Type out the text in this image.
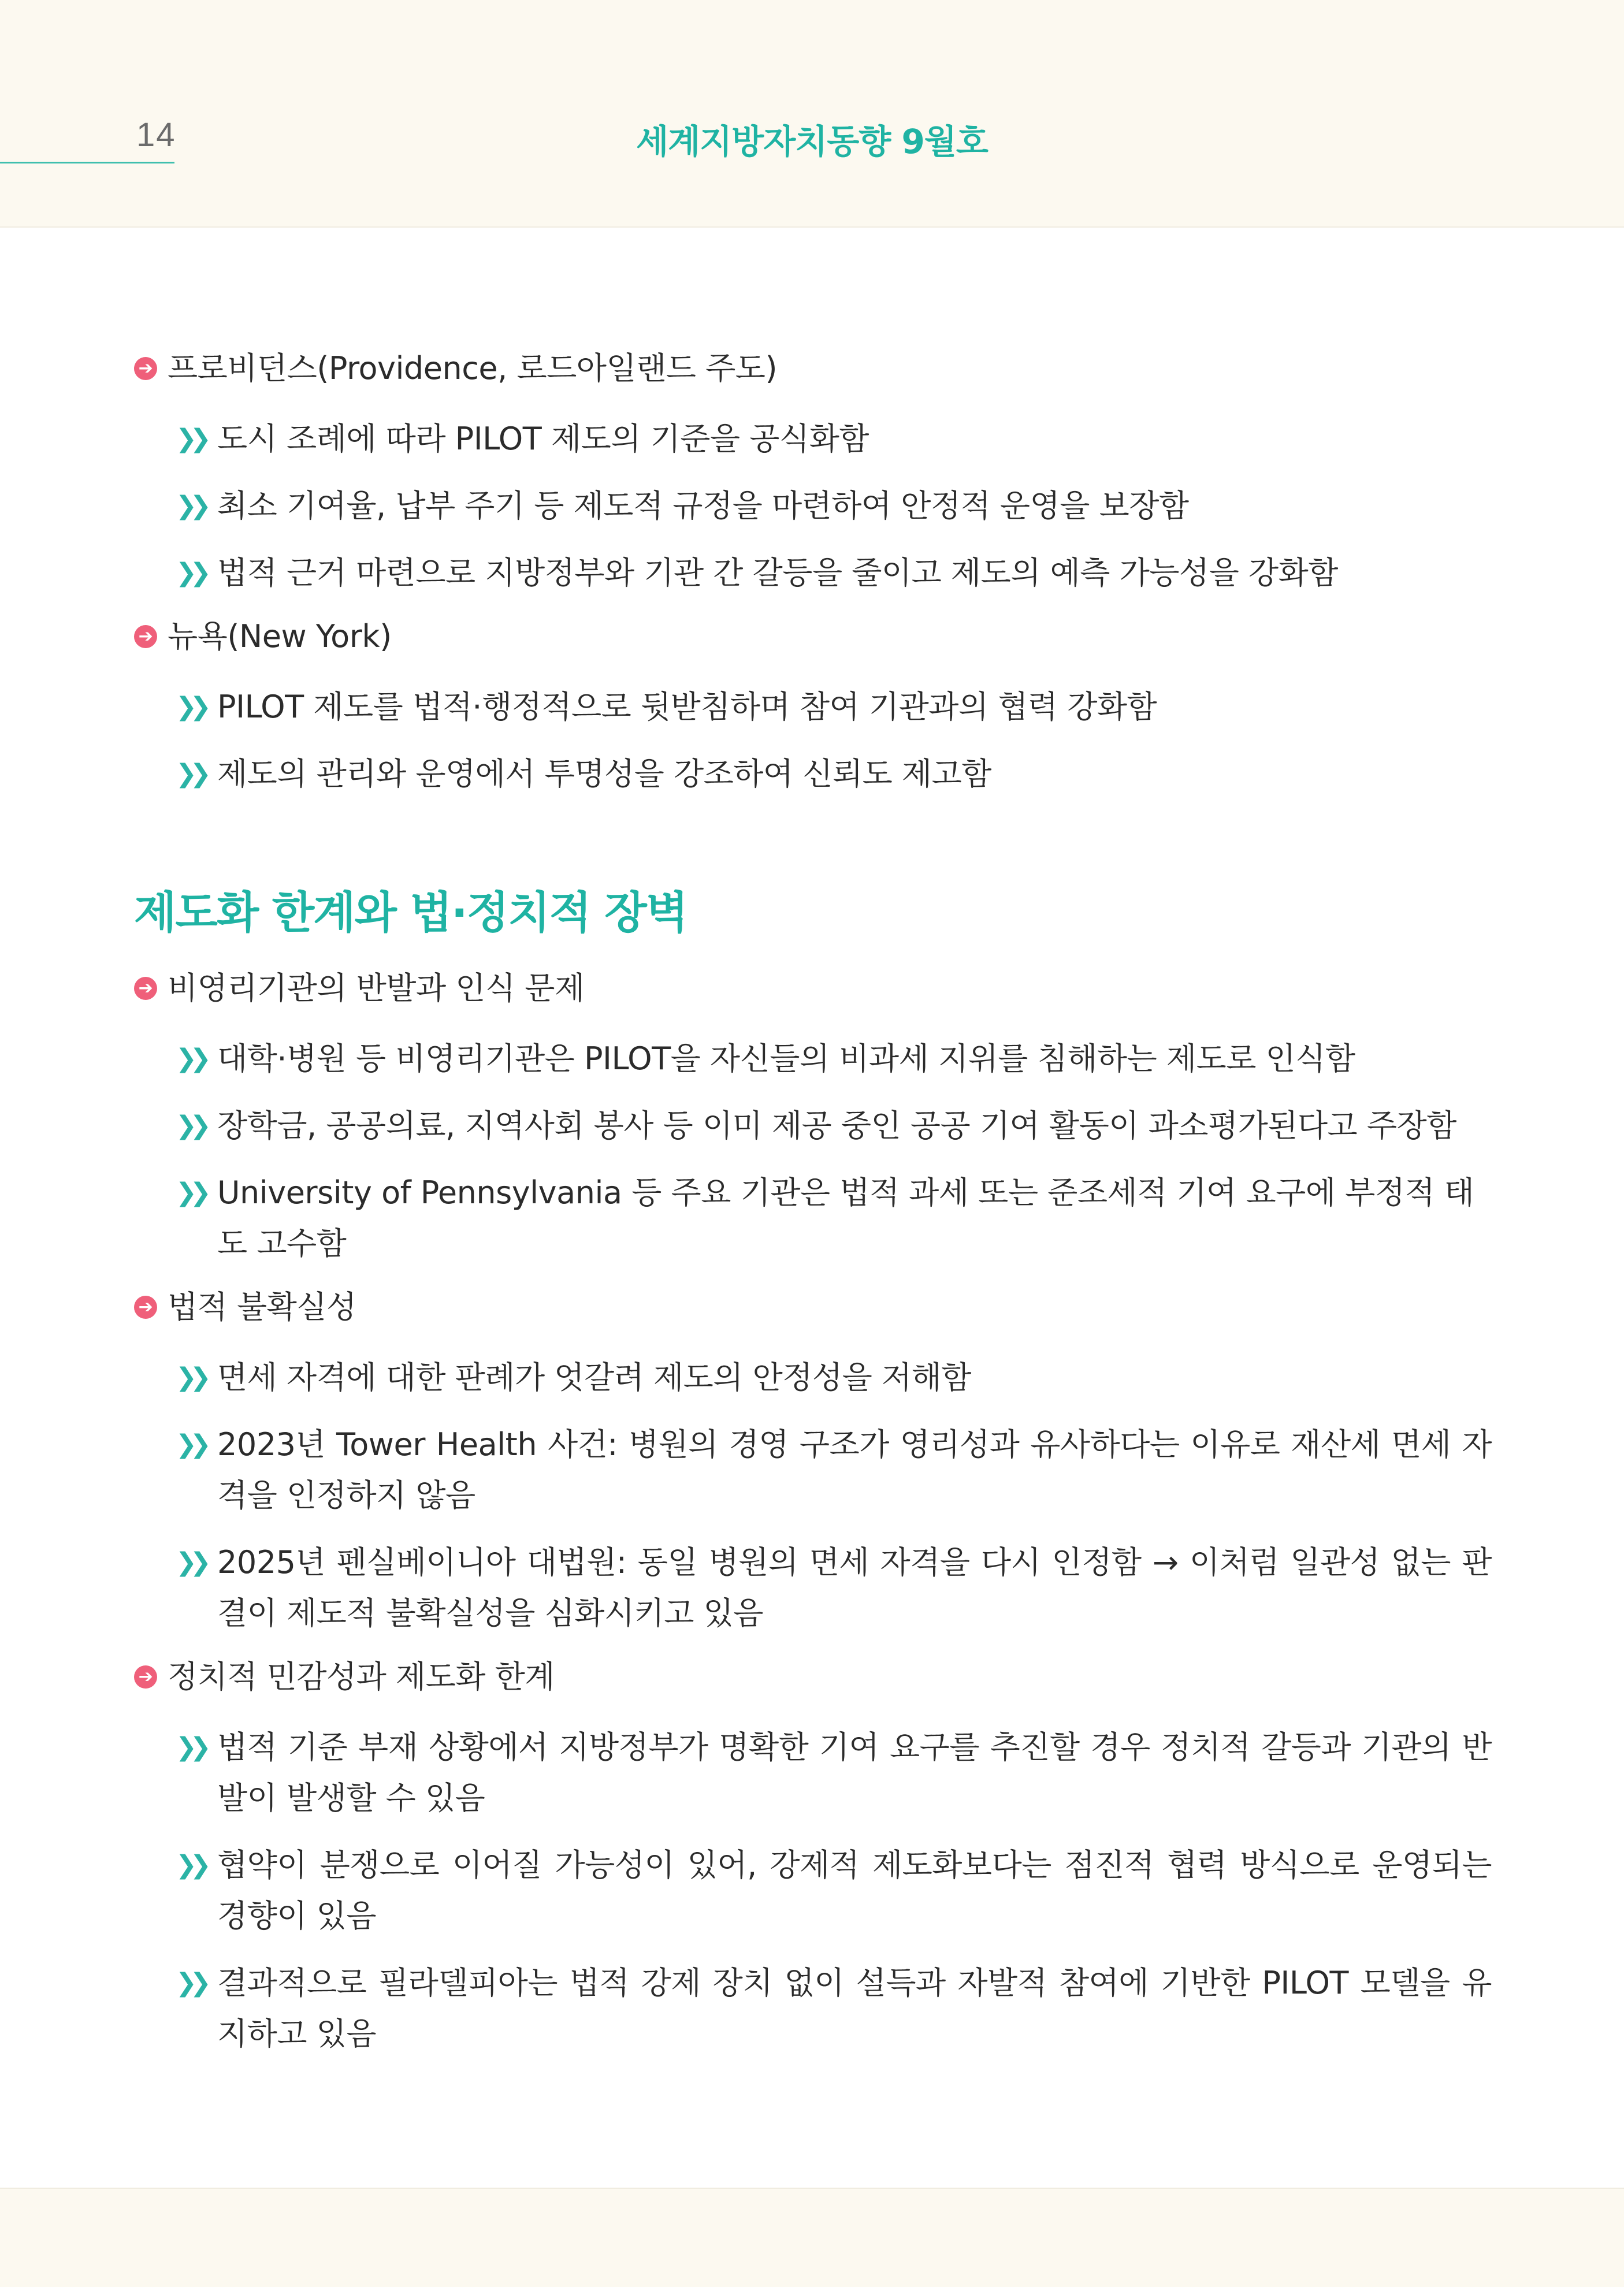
14	세계지방자치동향 9월호
➔ 프로비던스(Providence, 로드아일랜드 주도)
❯❯ 도시 조례에 따라 PILOT 제도의 기준을 공식화함
❯❯ 최소 기여율, 납부 주기 등 제도적 규정을 마련하여 안정적 운영을 보장함
❯❯ 법적 근거 마련으로 지방정부와 기관 간 갈등을 줄이고 제도의 예측 가능성을 강화함
➔ 뉴욕(New York)
❯❯ PILOT 제도를 법적·행정적으로 뒷받침하며 참여 기관과의 협력 강화함
❯❯ 제도의 관리와 운영에서 투명성을 강조하여 신뢰도 제고함
제도화 한계와 법·정치적 장벽
➔ 비영리기관의 반발과 인식 문제
❯❯ 대학·병원 등 비영리기관은 PILOT을 자신들의 비과세 지위를 침해하는 제도로 인식함
❯❯ 장학금, 공공의료, 지역사회 봉사 등 이미 제공 중인 공공 기여 활동이 과소평가된다고 주장함
❯❯ University of Pennsylvania 등 주요 기관은 법적 과세 또는 준조세적 기여 요구에 부정적 태도 고수함
➔ 법적 불확실성
❯❯ 면세 자격에 대한 판례가 엇갈려 제도의 안정성을 저해함
❯❯ 2023년 Tower Health 사건: 병원의 경영 구조가 영리성과 유사하다는 이유로 재산세 면세 자격을 인정하지 않음
❯❯ 2025년 펜실베이니아 대법원: 동일 병원의 면세 자격을 다시 인정함 → 이처럼 일관성 없는 판결이 제도적 불확실성을 심화시키고 있음
➔ 정치적 민감성과 제도화 한계
❯❯ 법적 기준 부재 상황에서 지방정부가 명확한 기여 요구를 추진할 경우 정치적 갈등과 기관의 반발이 발생할 수 있음
❯❯ 협약이 분쟁으로 이어질 가능성이 있어, 강제적 제도화보다는 점진적 협력 방식으로 운영되는 경향이 있음
❯❯ 결과적으로 필라델피아는 법적 강제 장치 없이 설득과 자발적 참여에 기반한 PILOT 모델을 유지하고 있음
